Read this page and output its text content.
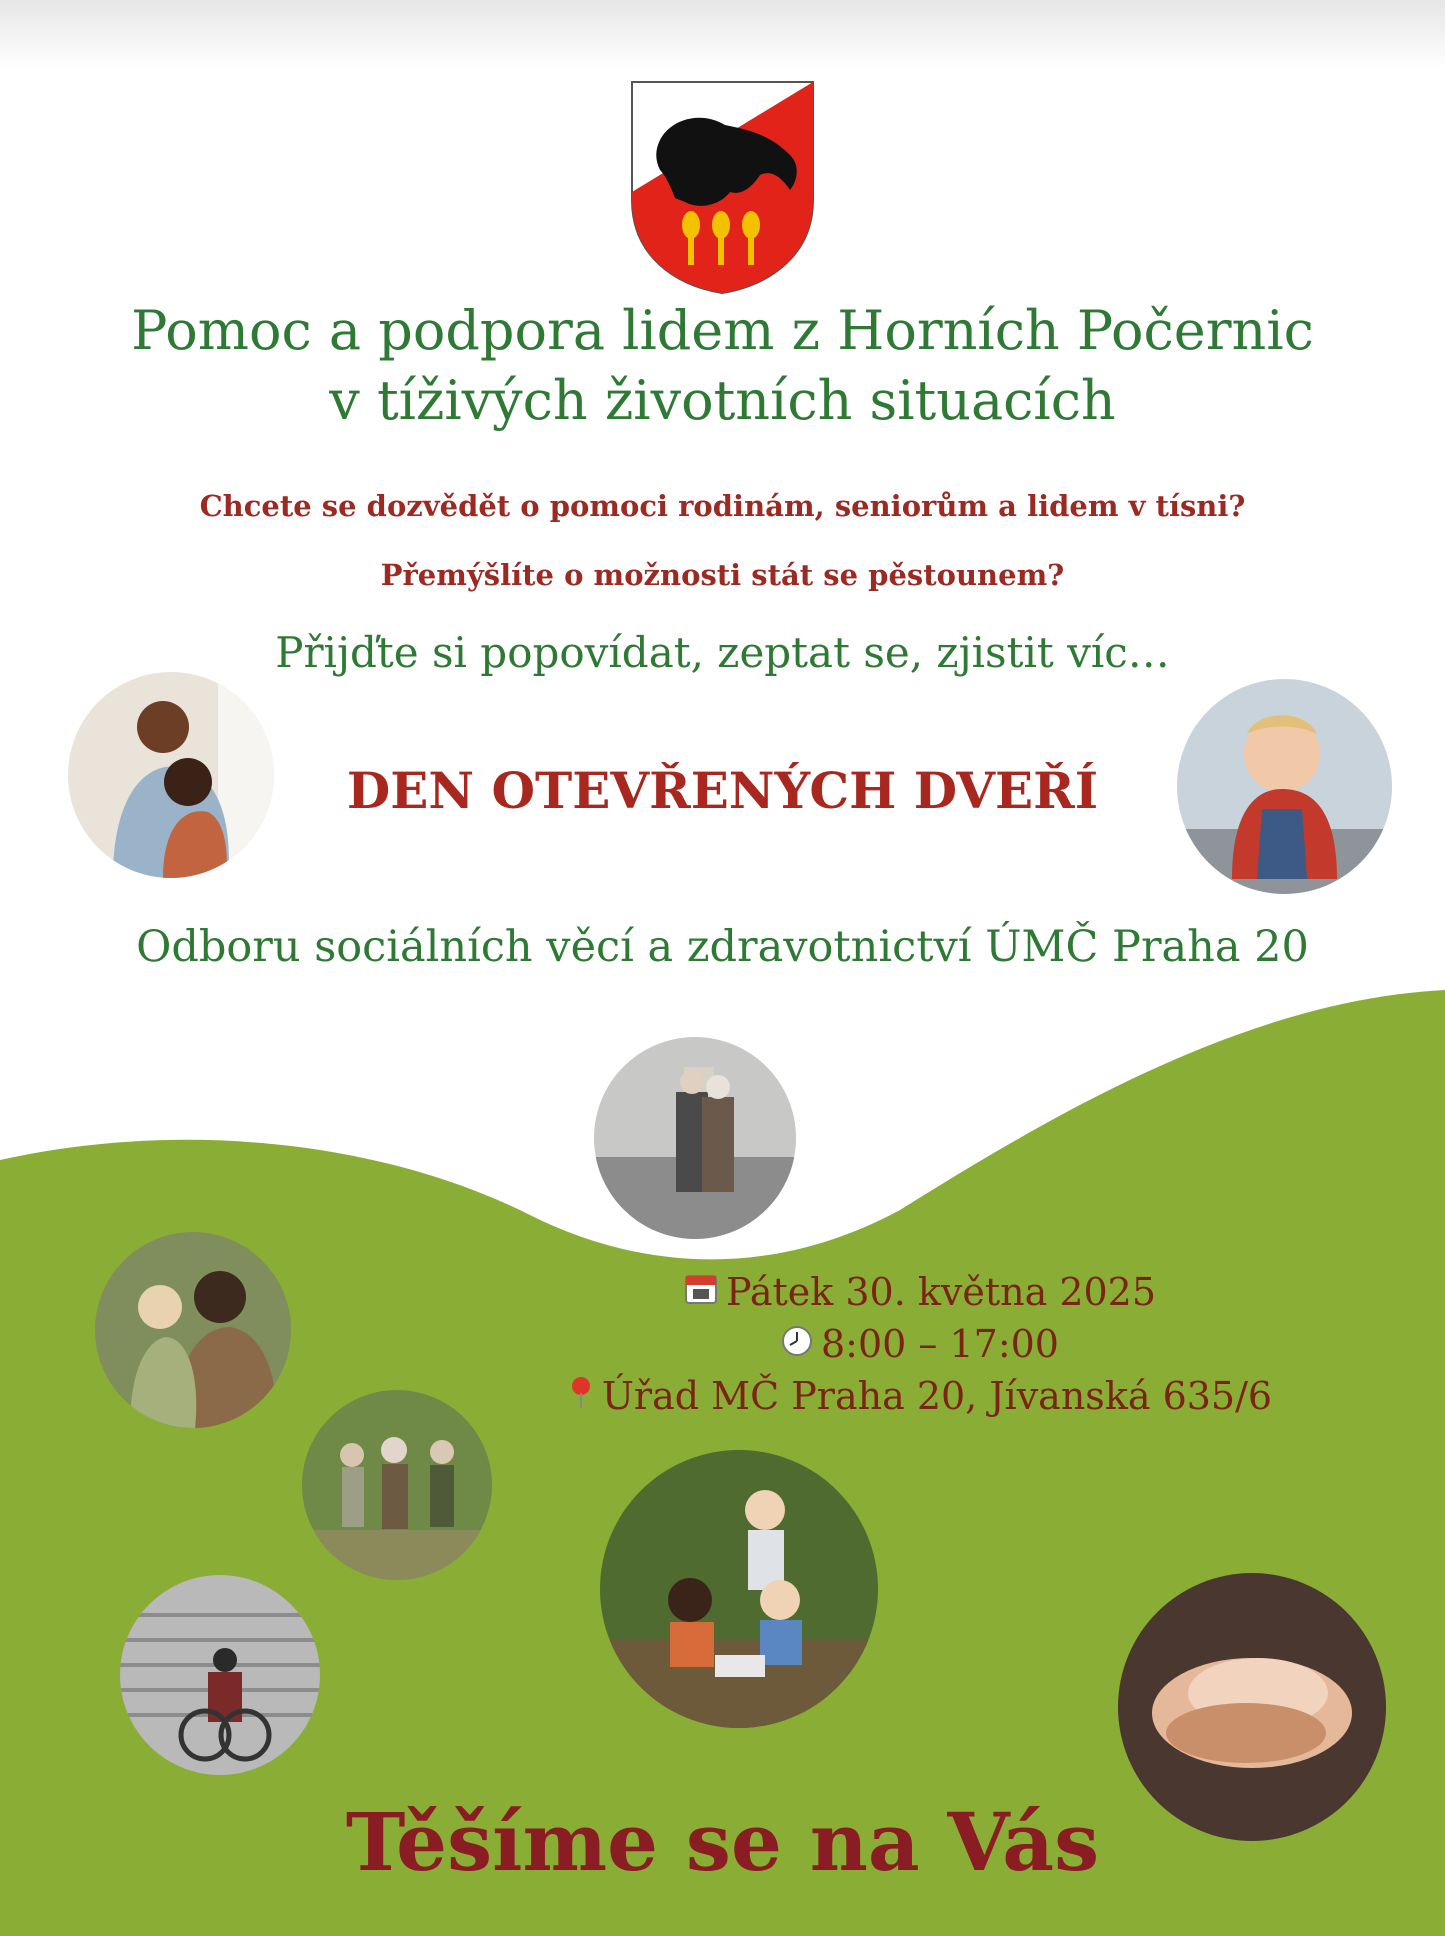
Pomoc a podpora lidem z Horních Počernic
v tíživých životních situacích
Chcete se dozvědět o pomoci rodinám, seniorům a lidem v tísni?
Přemýšlíte o možnosti stát se pěstounem?
Přijďte si popovídat, zeptat se, zjistit víc…
DEN OTEVŘENÝCH DVEŘÍ
Odboru sociálních věcí a zdravotnictví ÚMČ Praha 20
Pátek 30. května 2025
8:00 – 17:00
Úřad MČ Praha 20, Jívanská 635/6
Těšíme se na Vás
